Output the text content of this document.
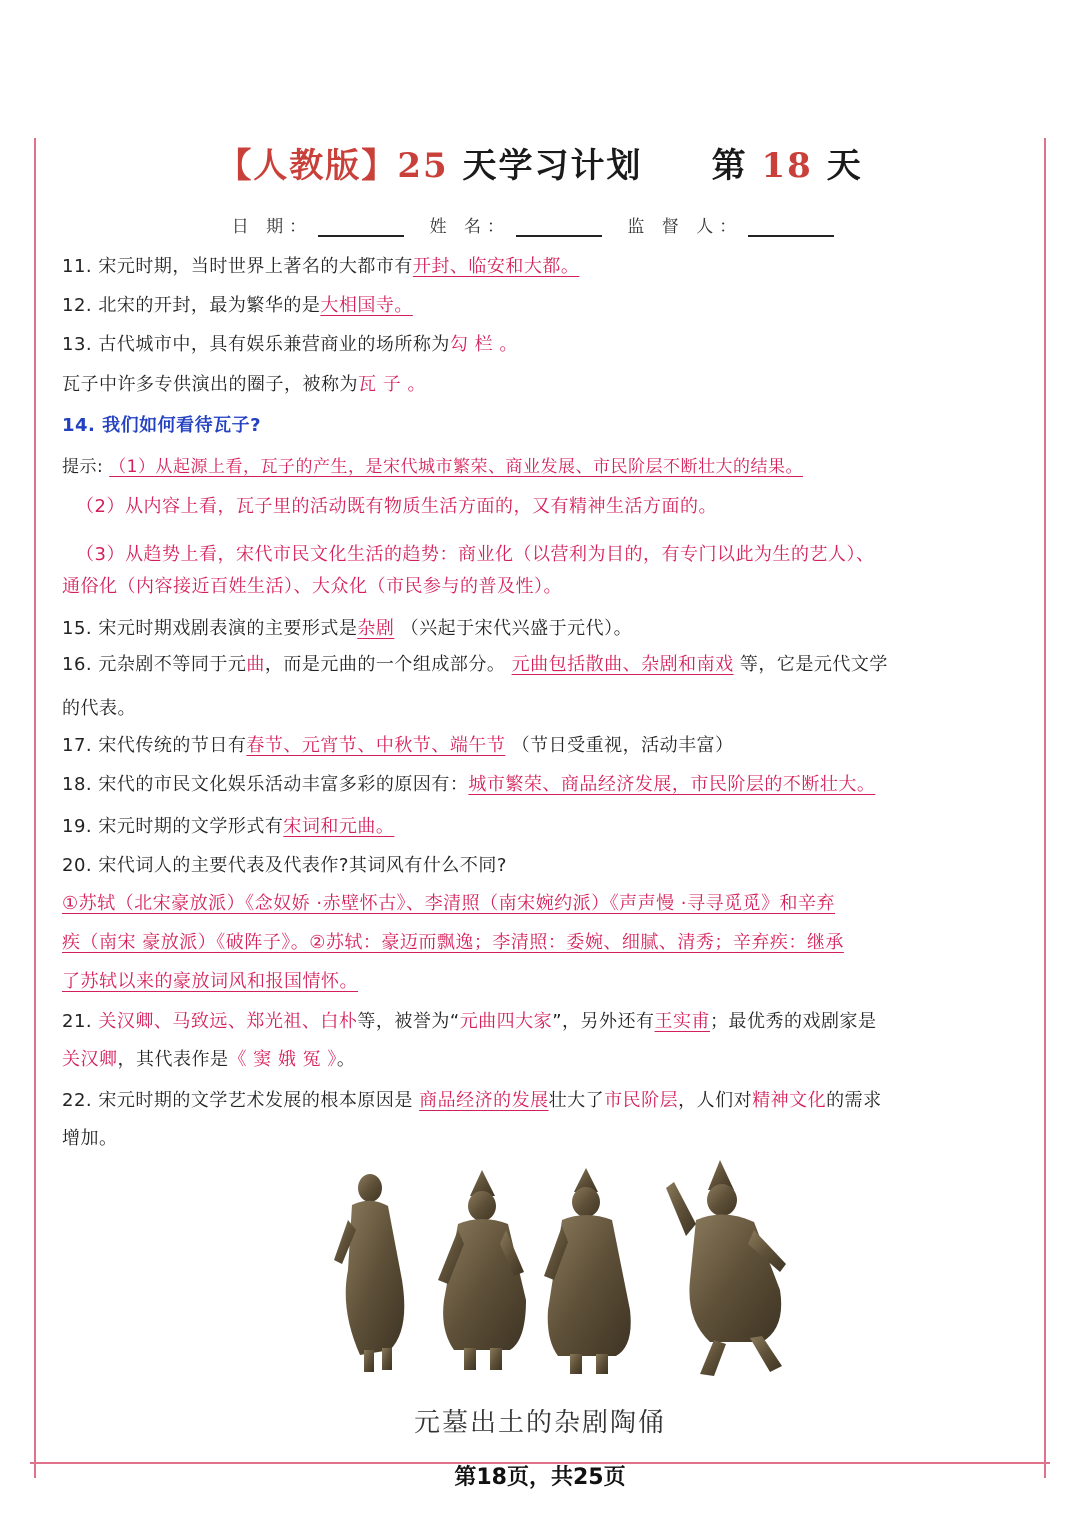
【人教版】25 天学习计划 第 18 天
日 期：	姓 名：	监 督 人：
11. 宋元时期，当时世界上著名的大都市有开封、临安和大都。
12. 北宋的开封，最为繁华的是大相国寺。
13. 古代城市中，具有娱乐兼营商业的场所称为勾 栏 。
瓦子中许多专供演出的圈子，被称为瓦 子 。
14. 我们如何看待瓦子?
提示: （1）从起源上看，瓦子的产生，是宋代城市繁荣、商业发展、市民阶层不断壮大的结果。
（2）从内容上看，瓦子里的活动既有物质生活方面的，又有精神生活方面的。
（3）从趋势上看，宋代市民文化生活的趋势：商业化（以营利为目的，有专门以此为生的艺人）、
通俗化（内容接近百姓生活）、大众化（市民参与的普及性）。
15. 宋元时期戏剧表演的主要形式是杂剧 （兴起于宋代兴盛于元代）。
16. 元杂剧不等同于元曲，而是元曲的一个组成部分。 元曲包括散曲、杂剧和南戏 等，它是元代文学
的代表。
17. 宋代传统的节日有春节、元宵节、中秋节、端午节 （节日受重视，活动丰富）
18. 宋代的市民文化娱乐活动丰富多彩的原因有：城市繁荣、商品经济发展，市民阶层的不断壮大。
19. 宋元时期的文学形式有宋词和元曲。
20. 宋代词人的主要代表及代表作?其词风有什么不同?
①苏轼（北宋豪放派）《念奴娇 ·赤壁怀古》、李清照（南宋婉约派）《声声慢 ·寻寻觅觅》和辛弃
疾（南宋 豪放派）《破阵子》。②苏轼：豪迈而飘逸；李清照：委婉、细腻、清秀；辛弃疾：继承
了苏轼以来的豪放词风和报国情怀。
21. 关汉卿、马致远、郑光祖、白朴等，被誉为“元曲四大家”，另外还有王实甫；最优秀的戏剧家是
关汉卿，其代表作是《 窦 娥 冤 》。
22. 宋元时期的文学艺术发展的根本原因是 商品经济的发展壮大了市民阶层，人们对精神文化的需求
增加。
元墓出土的杂剧陶俑
第18页，共25页
